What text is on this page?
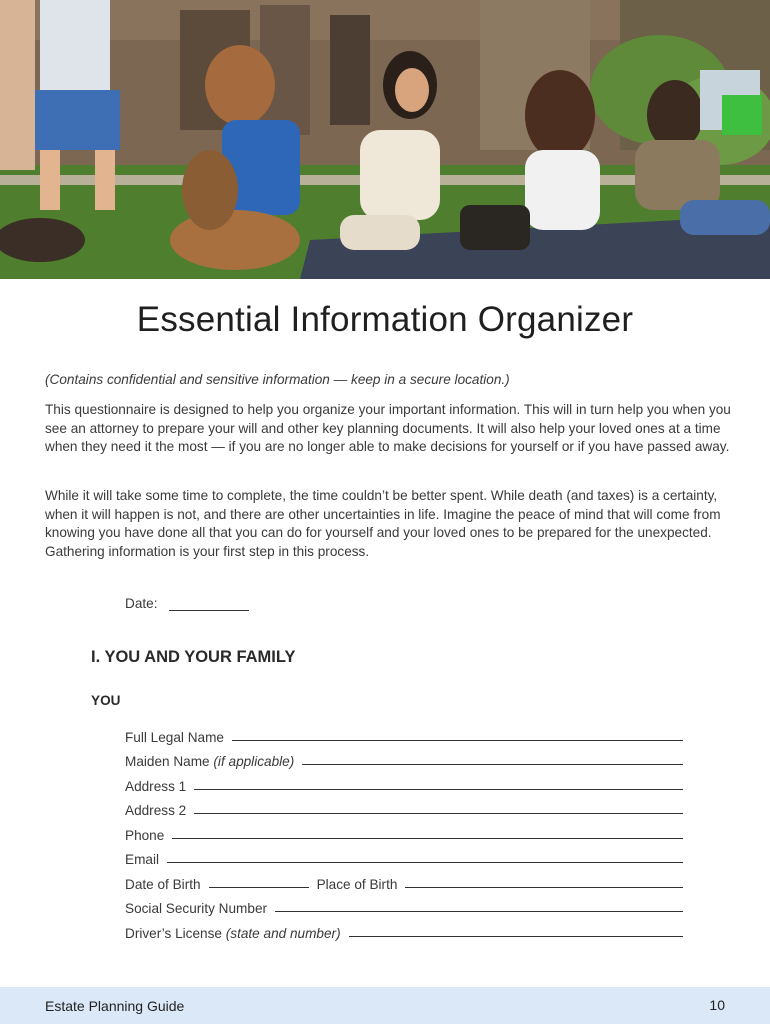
Essential Information Organizer

(Contains confidential and sensitive information — keep in a secure location.)

This questionnaire is designed to help you organize your important information. This will in turn help you when you see an attorney to prepare your will and other key planning documents. It will also help your loved ones at a time when they need it the most — if you are no longer able to make decisions for yourself or if you have passed away.

While it will take some time to complete, the time couldn’t be better spent. While death (and taxes) is a certainty, when it will happen is not, and there are other uncertainties in life. Imagine the peace of mind that will come from knowing you have done all that you can do for yourself and your loved ones to be prepared for the unexpected. Gathering information is your first step in this process.

Date:
I. YOU AND YOUR FAMILY
YOU
Full Legal Name
Maiden Name (if applicable)
Address 1
Address 2
Phone
Email
Date of Birth	Place of Birth
Social Security Number
Driver’s License (state and number)
Estate Planning Guide	10
